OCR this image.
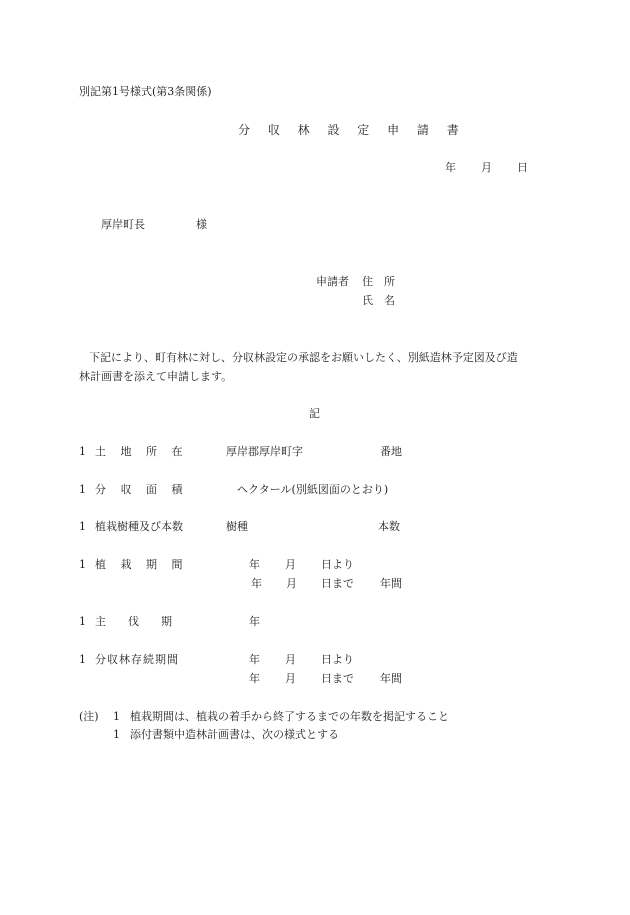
別記第1号様式(第3条関係)
分 収 林 設 定 申 請 書
年 月 日
厚岸町長	様
申請者 住　所
氏　名
下記により、町有林に対し、分収林設定の承認をお願いしたく、別紙造林予定図及び造
林計画書を添えて申請します。
記
1 土　 地　 所　 在	厚岸郡厚岸町字	番地
1 分　 収　 面　 積	ヘクタール(別紙図面のとおり)
1 植栽樹種及び本数	樹種	本数
1 植　 栽　 期　 間	年 月 日より
年 月 日まで 年間
1 主　　伐　　期	年
1 分収林存続期間	年 月 日より
年 月 日まで 年間
(注) 1 植栽期間は、植栽の着手から終了するまでの年数を掲記すること
1 添付書類中造林計画書は、次の様式とする
